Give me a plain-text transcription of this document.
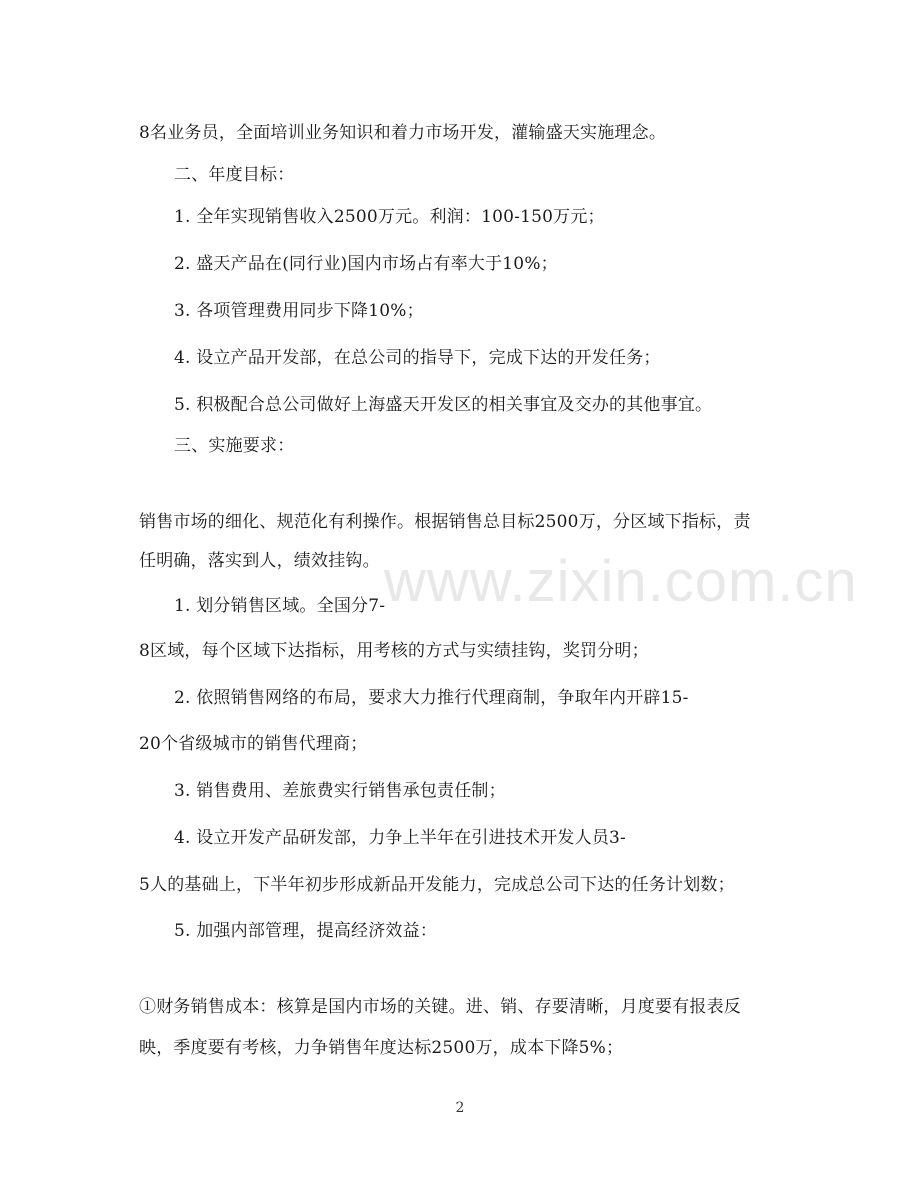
8名业务员，全面培训业务知识和着力市场开发，灌输盛天实施理念。
二、年度目标：
1. 全年实现销售收入2500万元。利润：100-150万元；
2. 盛天产品在(同行业)国内市场占有率大于10%；
3. 各项管理费用同步下降10%；
4. 设立产品开发部，在总公司的指导下，完成下达的开发任务；
5. 积极配合总公司做好上海盛天开发区的相关事宜及交办的其他事宜。
三、实施要求：
销售市场的细化、规范化有利操作。根据销售总目标2500万，分区域下指标，责
任明确，落实到人，绩效挂钩。
1. 划分销售区域。全国分7-
8区域，每个区域下达指标，用考核的方式与实绩挂钩，奖罚分明；
2. 依照销售网络的布局，要求大力推行代理商制，争取年内开辟15-
20个省级城市的销售代理商；
3. 销售费用、差旅费实行销售承包责任制；
4. 设立开发产品研发部，力争上半年在引进技术开发人员3-
5人的基础上，下半年初步形成新品开发能力，完成总公司下达的任务计划数；
5. 加强内部管理，提高经济效益：
①财务销售成本：核算是国内市场的关键。进、销、存要清晰，月度要有报表反
映，季度要有考核，力争销售年度达标2500万，成本下降5%；
www.zixin.com.cn
2
